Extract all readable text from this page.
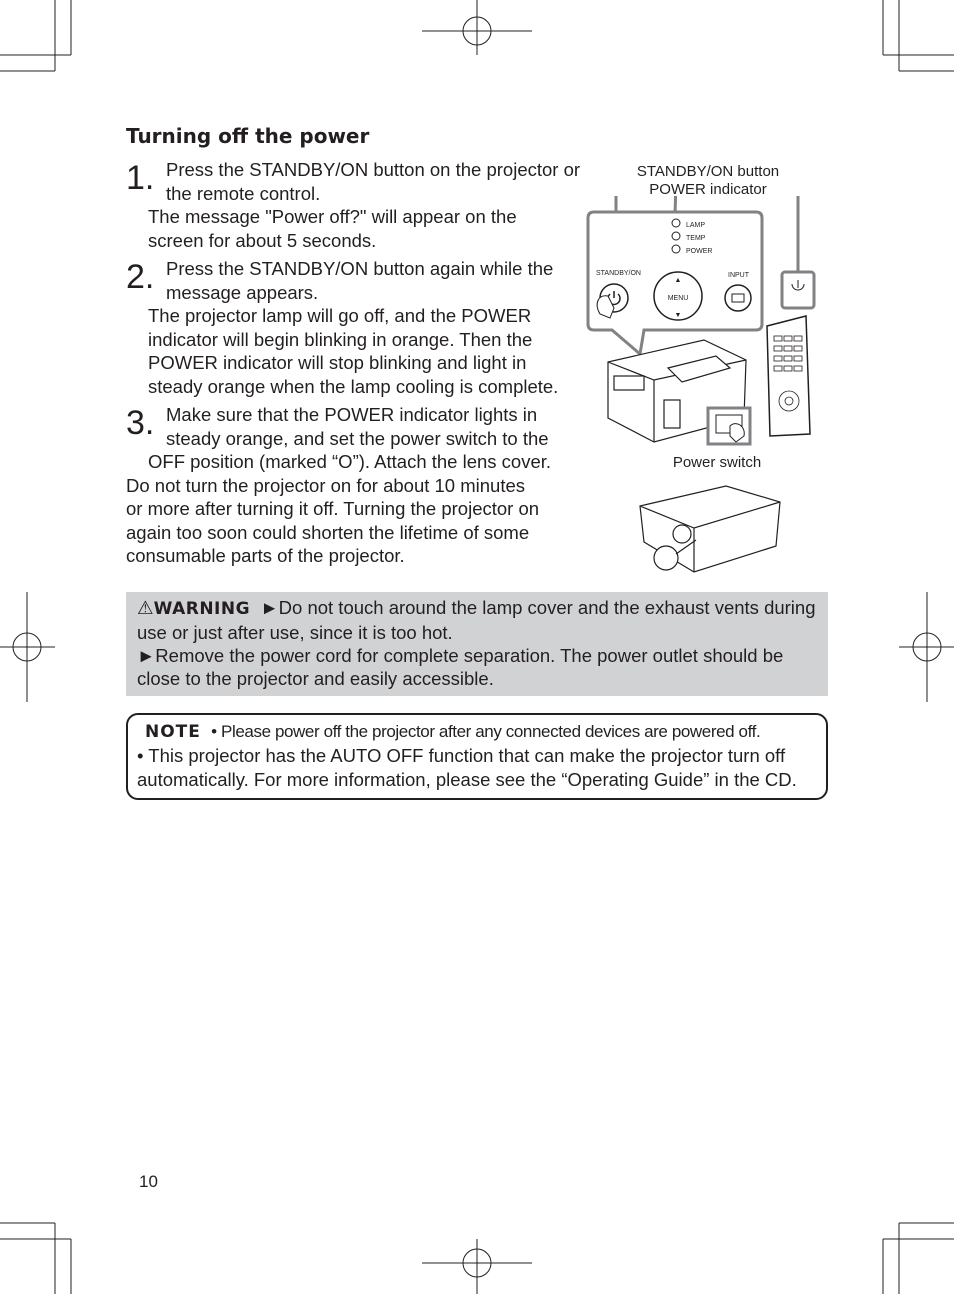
Turning off the power
1. Press the STANDBY/ON button on the projector or the remote control.
The message "Power off?" will appear on the
screen for about 5 seconds.
2. Press the STANDBY/ON button again while the message appears.
The projector lamp will go off, and the POWER
indicator will begin blinking in orange. Then the
POWER indicator will stop blinking and light in
steady orange when the lamp cooling is complete.
3. Make sure that the POWER indicator lights in steady orange, and set the power switch to the
OFF position (marked “O”). Attach the lens cover.

Do not turn the projector on for about 10 minutes
or more after turning it off. Turning the projector on
again too soon could shorten the lifetime of some
consumable parts of the projector.

STANDBY/ON button
POWER indicator
Power switch
LAMP
TEMP
POWER
STANDBY/ON	INPUT
MENU
▲
▼
⚠WARNING ►Do not touch around the lamp cover and the exhaust vents during use or just after use, since it is too hot.
►Remove the power cord for complete separation. The power outlet should be close to the projector and easily accessible.
NOTE • Please power off the projector after any connected devices are powered off.
• This projector has the AUTO OFF function that can make the projector turn off automatically. For more information, please see the “Operating Guide” in the CD.
10
